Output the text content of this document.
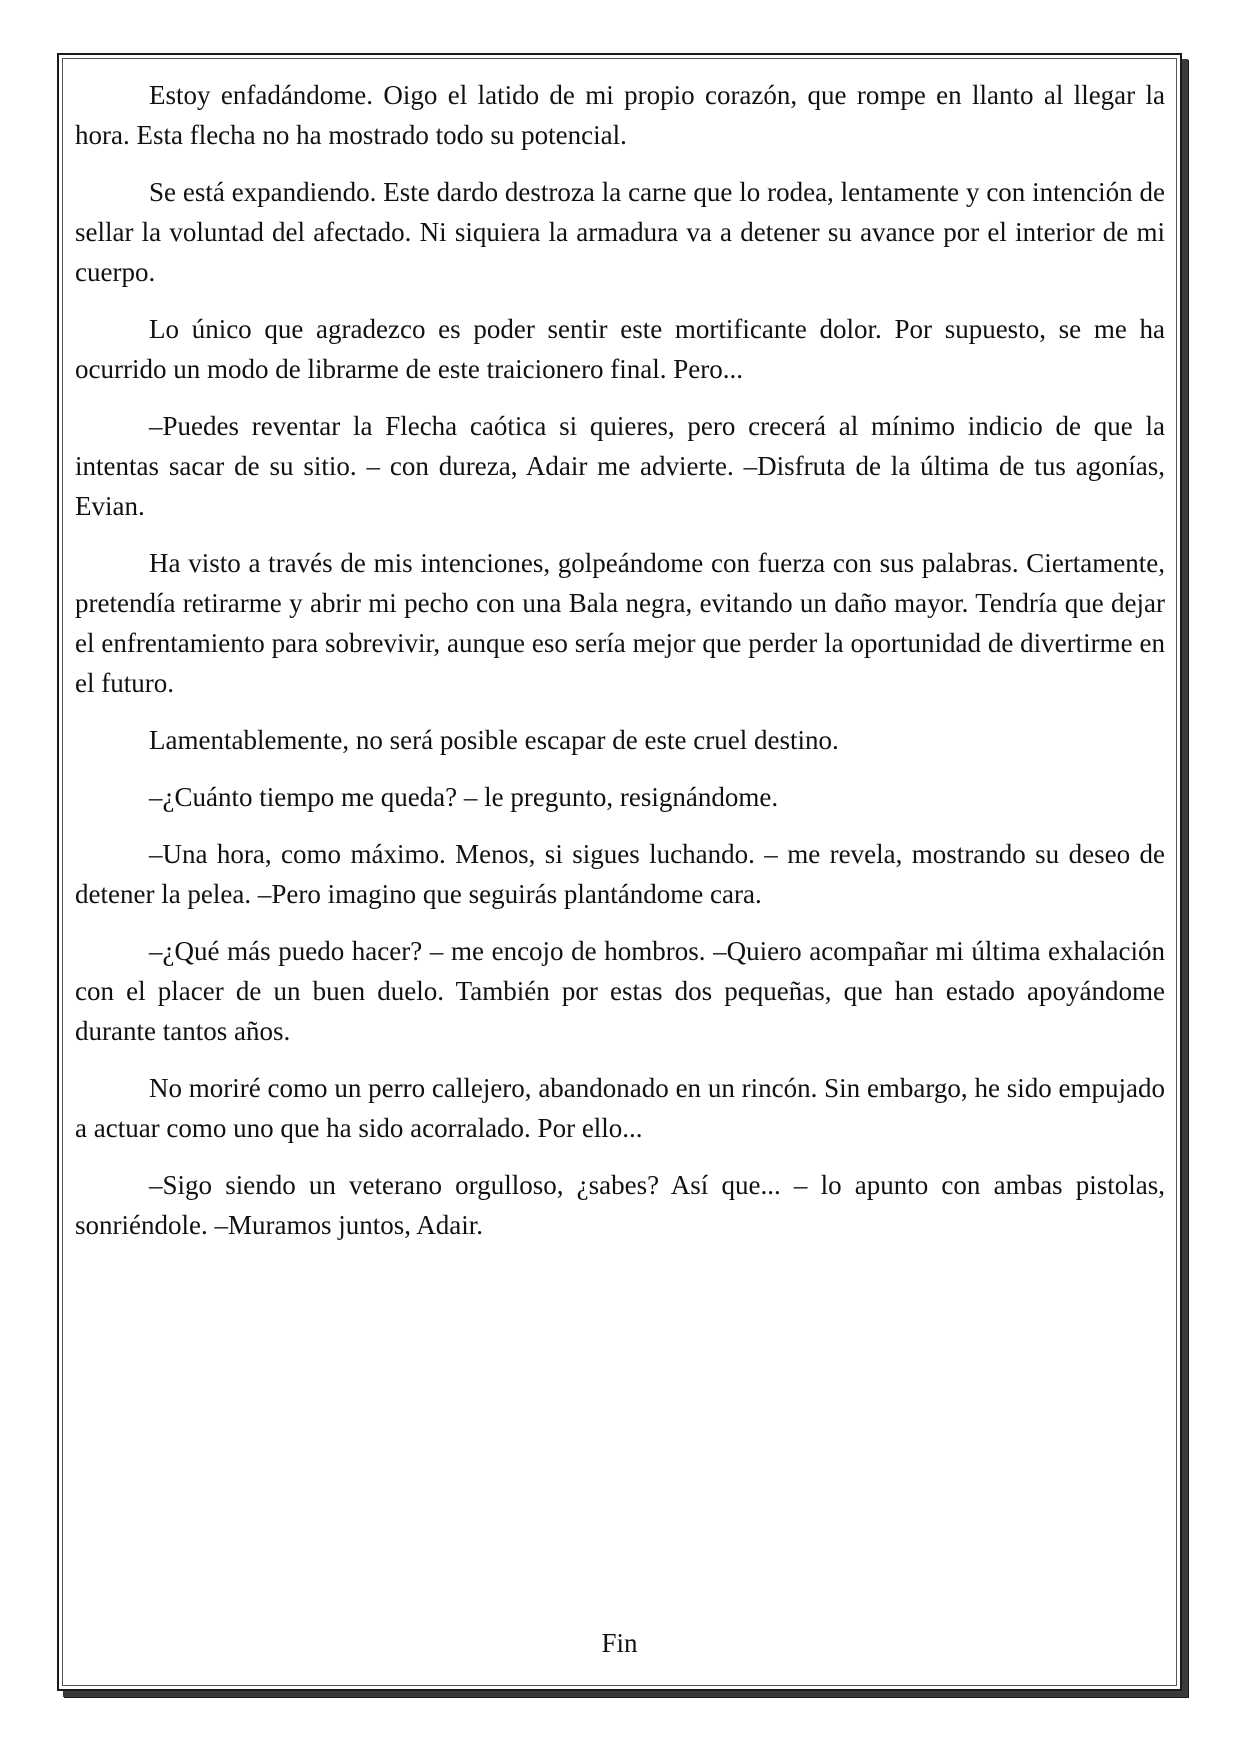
Estoy enfadándome. Oigo el latido de mi propio corazón, que rompe en llanto al llegar la hora. Esta flecha no ha mostrado todo su potencial.

Se está expandiendo. Este dardo destroza la carne que lo rodea, lentamente y con intención de sellar la voluntad del afectado. Ni siquiera la armadura va a detener su avance por el interior de mi cuerpo.

Lo único que agradezco es poder sentir este mortificante dolor. Por supuesto, se me ha ocurrido un modo de librarme de este traicionero final. Pero...

–Puedes reventar la Flecha caótica si quieres, pero crecerá al mínimo indicio de que la intentas sacar de su sitio. – con dureza, Adair me advierte. –Disfruta de la última de tus agonías, Evian.

Ha visto a través de mis intenciones, golpeándome con fuerza con sus palabras. Ciertamente, pretendía retirarme y abrir mi pecho con una Bala negra, evitando un daño mayor. Tendría que dejar el enfrentamiento para sobrevivir, aunque eso sería mejor que perder la oportunidad de divertirme en el futuro.

Lamentablemente, no será posible escapar de este cruel destino.

–¿Cuánto tiempo me queda? – le pregunto, resignándome.

–Una hora, como máximo. Menos, si sigues luchando. – me revela, mostrando su deseo de detener la pelea. –Pero imagino que seguirás plantándome cara.

–¿Qué más puedo hacer? – me encojo de hombros. –Quiero acompañar mi última exhalación con el placer de un buen duelo. También por estas dos pequeñas, que han estado apoyándome durante tantos años.

No moriré como un perro callejero, abandonado en un rincón. Sin embargo, he sido empujado a actuar como uno que ha sido acorralado. Por ello...

–Sigo siendo un veterano orgulloso, ¿sabes? Así que... – lo apunto con ambas pistolas, sonriéndole. –Muramos juntos, Adair.

Fin
